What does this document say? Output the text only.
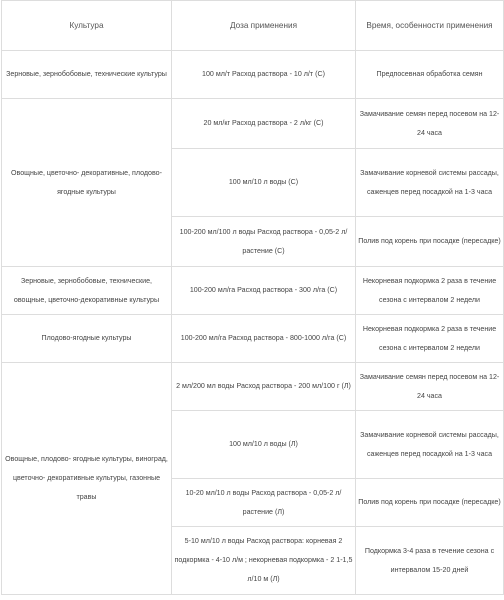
Культура	Доза применения	Время, особенности применения
Зерновые, зернобобовые, технические культуры	100 мл/т Расход раствора - 10 л/т (С)	Предпосевная обработка семян
Овощные, цветочно- декоративные, плодово-ягодные культуры	20 мл/кг Расход раствора - 2 л/кг (С)	Замачивание семян перед посевом на 12-24 часа
	100 мл/10 л воды (С)	Замачивание корневой системы рассады, саженцев перед посадкой на 1-3 часа
	100-200 мл/100 л воды Расход раствора - 0,05-2 л/растение (С)	Полив под корень при посадке (пересадке)
Зерновые, зернобобовые, технические, овощные, цветочно-декоративные культуры	100-200 мл/га Расход раствора - 300 л/га (С)	Некорневая подкормка 2 раза в течение сезона с интервалом 2 недели
Плодово-ягодные культуры	100-200 мл/га Расход раствора - 800-1000 л/га (С)	Некорневая подкормка 2 раза в течение сезона с интервалом 2 недели
Овощные, плодово- ягодные культуры, виноград, цветочно- декоративные культуры, газонные травы	2 мл/200 мл воды Расход раствора - 200 мл/100 г (Л)	Замачивание семян перед посевом на 12-24 часа
	100 мл/10 л воды (Л)	Замачивание корневой системы рассады, саженцев перед посадкой на 1-3 часа
	10-20 мл/10 л воды Расход раствора - 0,05-2 л/растение (Л)	Полив под корень при посадке (пересадке)
	5-10 мл/10 л воды Расход раствора: корневая 2 подкормка - 4-10 л/м ; некорневая подкормка - 2 1-1,5 л/10 м (Л)	Подкормка 3-4 раза в течение сезона с интервалом 15-20 дней
